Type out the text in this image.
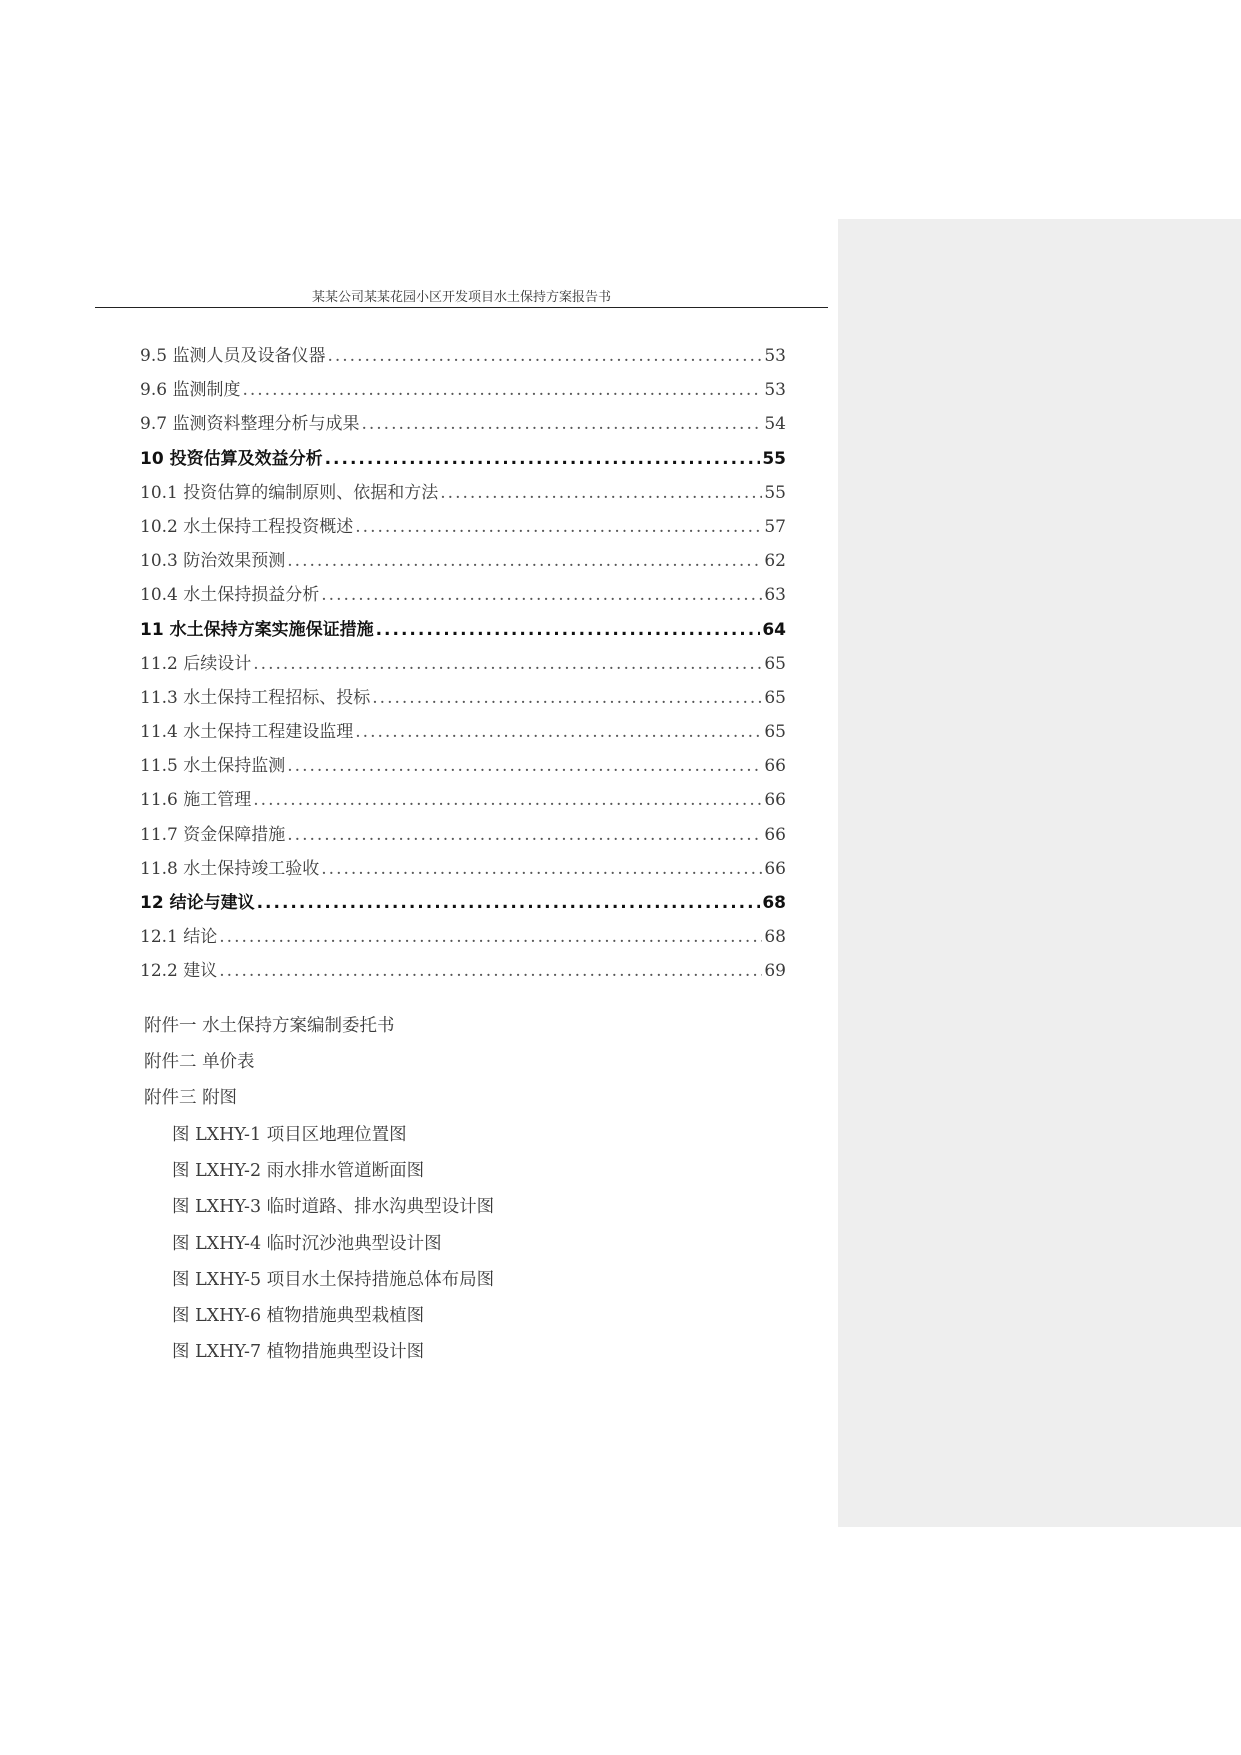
某某公司某某花园小区开发项目水土保持方案报告书
9.5 监测人员及设备仪器 .....	53
9.6 监测制度 .....	53
9.7 监测资料整理分析与成果 .....	54
10 投资估算及效益分析 .....	55
10.1 投资估算的编制原则、依据和方法 .....	55
10.2 水土保持工程投资概述 .....	57
10.3 防治效果预测 .....	62
10.4 水土保持损益分析 .....	63
11 水土保持方案实施保证措施 .....	64
11.2 后续设计 .....	65
11.3 水土保持工程招标、投标 .....	65
11.4 水土保持工程建设监理 .....	65
11.5 水土保持监测 .....	66
11.6 施工管理 .....	66
11.7 资金保障措施 .....	66
11.8 水土保持竣工验收 .....	66
12 结论与建议 .....	68
12.1 结论 .....	68
12.2 建议 .....	69
附件一 水土保持方案编制委托书
附件二 单价表
附件三 附图
图 LXHY-1 项目区地理位置图
图 LXHY-2 雨水排水管道断面图
图 LXHY-3 临时道路、排水沟典型设计图
图 LXHY-4 临时沉沙池典型设计图
图 LXHY-5 项目水土保持措施总体布局图
图 LXHY-6 植物措施典型栽植图
图 LXHY-7 植物措施典型设计图
